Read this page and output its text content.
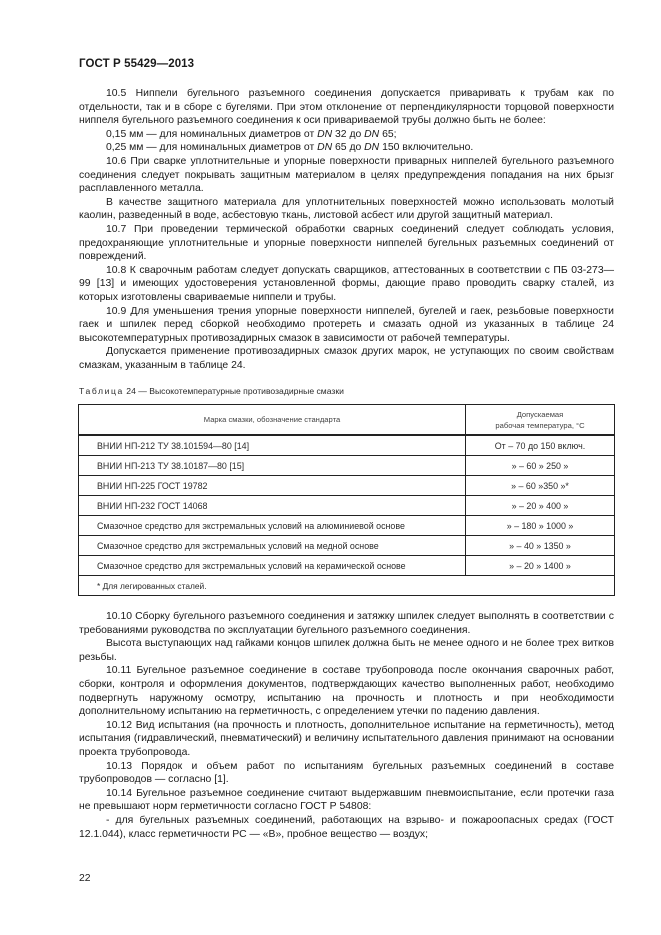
ГОСТ Р 55429—2013

10.5 Ниппели бугельного разъемного соединения допускается приваривать к трубам как по отдельности, так и в сборе с бугелями. При этом отклонение от перпендикулярности торцовой поверхности ниппеля бугельного разъемного соединения к оси привариваемой трубы должно быть не более:

0,15 мм — для номинальных диаметров от DN 32 до DN 65;

0,25 мм — для номинальных диаметров от DN 65 до DN 150 включительно.

10.6 При сварке уплотнительные и упорные поверхности приварных ниппелей бугельного разъемного соединения следует покрывать защитным материалом в целях предупреждения попадания на них брызг расплавленного металла.

В качестве защитного материала для уплотнительных поверхностей можно использовать молотый каолин, разведенный в воде, асбестовую ткань, листовой асбест или другой защитный материал.

10.7 При проведении термической обработки сварных соединений следует соблюдать условия, предохраняющие уплотнительные и упорные поверхности ниппелей бугельных разъемных соединений от повреждений.

10.8 К сварочным работам следует допускать сварщиков, аттестованных в соответствии с ПБ 03-273—99 [13] и имеющих удостоверения установленной формы, дающие право проводить сварку сталей, из которых изготовлены свариваемые ниппели и трубы.

10.9 Для уменьшения трения упорные поверхности ниппелей, бугелей и гаек, резьбовые поверхности гаек и шпилек перед сборкой необходимо протереть и смазать одной из указанных в таблице 24 высокотемпературных противозадирных смазок в зависимости от рабочей температуры.

Допускается применение противозадирных смазок других марок, не уступающих по своим свойствам смазкам, указанным в таблице 24.

Таблица 24 — Высокотемпературные противозадирные смазки
Марка смазки, обозначение стандарта	Допускаемая
рабочая температура, °С
ВНИИ НП-212 ТУ 38.101594—80 [14]	От – 70 до 150 включ.
ВНИИ НП-213 ТУ 38.10187—80 [15]	» – 60 » 250 »
ВНИИ НП-225 ГОСТ 19782	» – 60 »350 »*
ВНИИ НП-232 ГОСТ 14068	» – 20 » 400 »
Смазочное средство для экстремальных условий на алюминиевой основе	» – 180 » 1000 »
Смазочное средство для экстремальных условий на медной основе	» – 40 » 1350 »
Смазочное средство для экстремальных условий на керамической основе	» – 20 » 1400 »
* Для легированных сталей.	

10.10 Сборку бугельного разъемного соединения и затяжку шпилек следует выполнять в соответствии с требованиями руководства по эксплуатации бугельного разъемного соединения.

Высота выступающих над гайками концов шпилек должна быть не менее одного и не более трех витков резьбы.

10.11 Бугельное разъемное соединение в составе трубопровода после окончания сварочных работ, сборки, контроля и оформления документов, подтверждающих качество выполненных работ, необходимо подвергнуть наружному осмотру, испытанию на прочность и плотность и при необходимости дополнительному испытанию на герметичность, с определением утечки по падению давления.

10.12 Вид испытания (на прочность и плотность, дополнительное испытание на герметичность), метод испытания (гидравлический, пневматический) и величину испытательного давления принимают на основании проекта трубопровода.

10.13 Порядок и объем работ по испытаниям бугельных разъемных соединений в составе трубопроводов — согласно [1].

10.14 Бугельное разъемное соединение считают выдержавшим пневмоиспытание, если протечки газа не превышают норм герметичности согласно ГОСТ Р 54808:

- для бугельных разъемных соединений, работающих на взрыво- и пожароопасных средах (ГОСТ 12.1.044), класс герметичности РС — «В», пробное вещество — воздух;

22
